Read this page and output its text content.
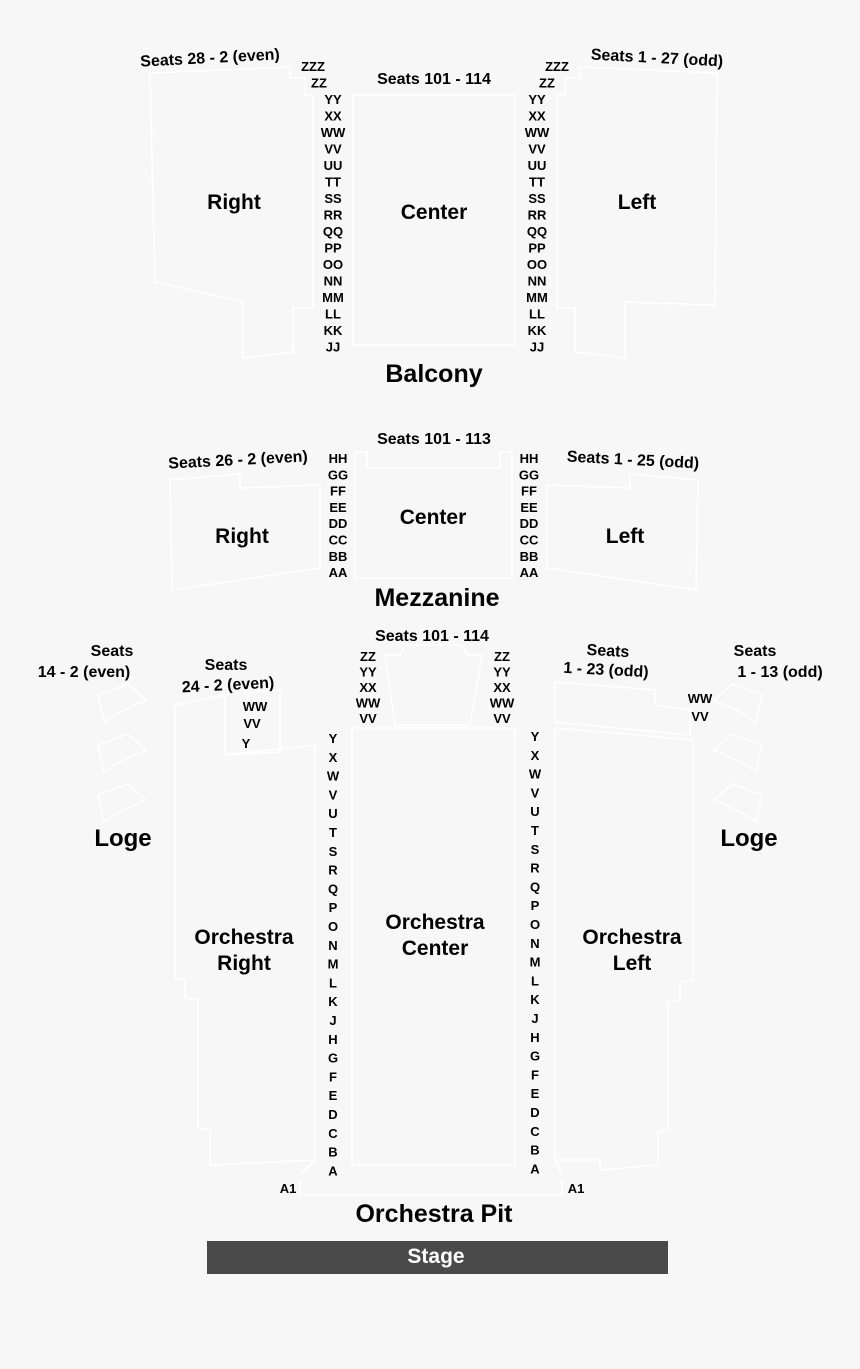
Seats 28 - 2 (even)
Seats 101 - 114
Seats 1 - 27 (odd)
Right	Center	Left
Balcony
ZZZ
ZZ
YY
XX
WW
VV
UU
TT
SS
RR
QQ
PP
OO
NN
MM
LL
KK
JJ
ZZZ
ZZ
YY
XX
WW
VV
UU
TT
SS
RR
QQ
PP
OO
NN
MM
LL
KK
JJ
Seats 26 - 2 (even)
Seats 101 - 113
Seats 1 - 25 (odd)
Right
Center
Left
Mezzanine
HH
GG
FF
EE
DD
CC
BB
AA
HH
GG
FF
EE
DD
CC
BB
AA
Seats 101 - 114
Seats
24 - 2 (even)
Seats
1 - 23 (odd)
Orchestra
Right
Orchestra
Center	Orchestra
Left
WW
VV
Y
WW
VV
ZZ
YY
XX
WW
VV
ZZ
YY
XX
WW
VV
Y
X
W
V
U
T
S
R
Q
P
O
N
M
L
K
J
H
G
F
E
D
C
B
A
Y
X
W
V
U
T
S
R
Q
P
O
N
M
L
K
J
H
G
F
E
D
C
B
A
A1	A1
Orchestra Pit
Seats
14 - 2 (even)
Loge
Seats
1 - 13 (odd)
Loge
Stage
